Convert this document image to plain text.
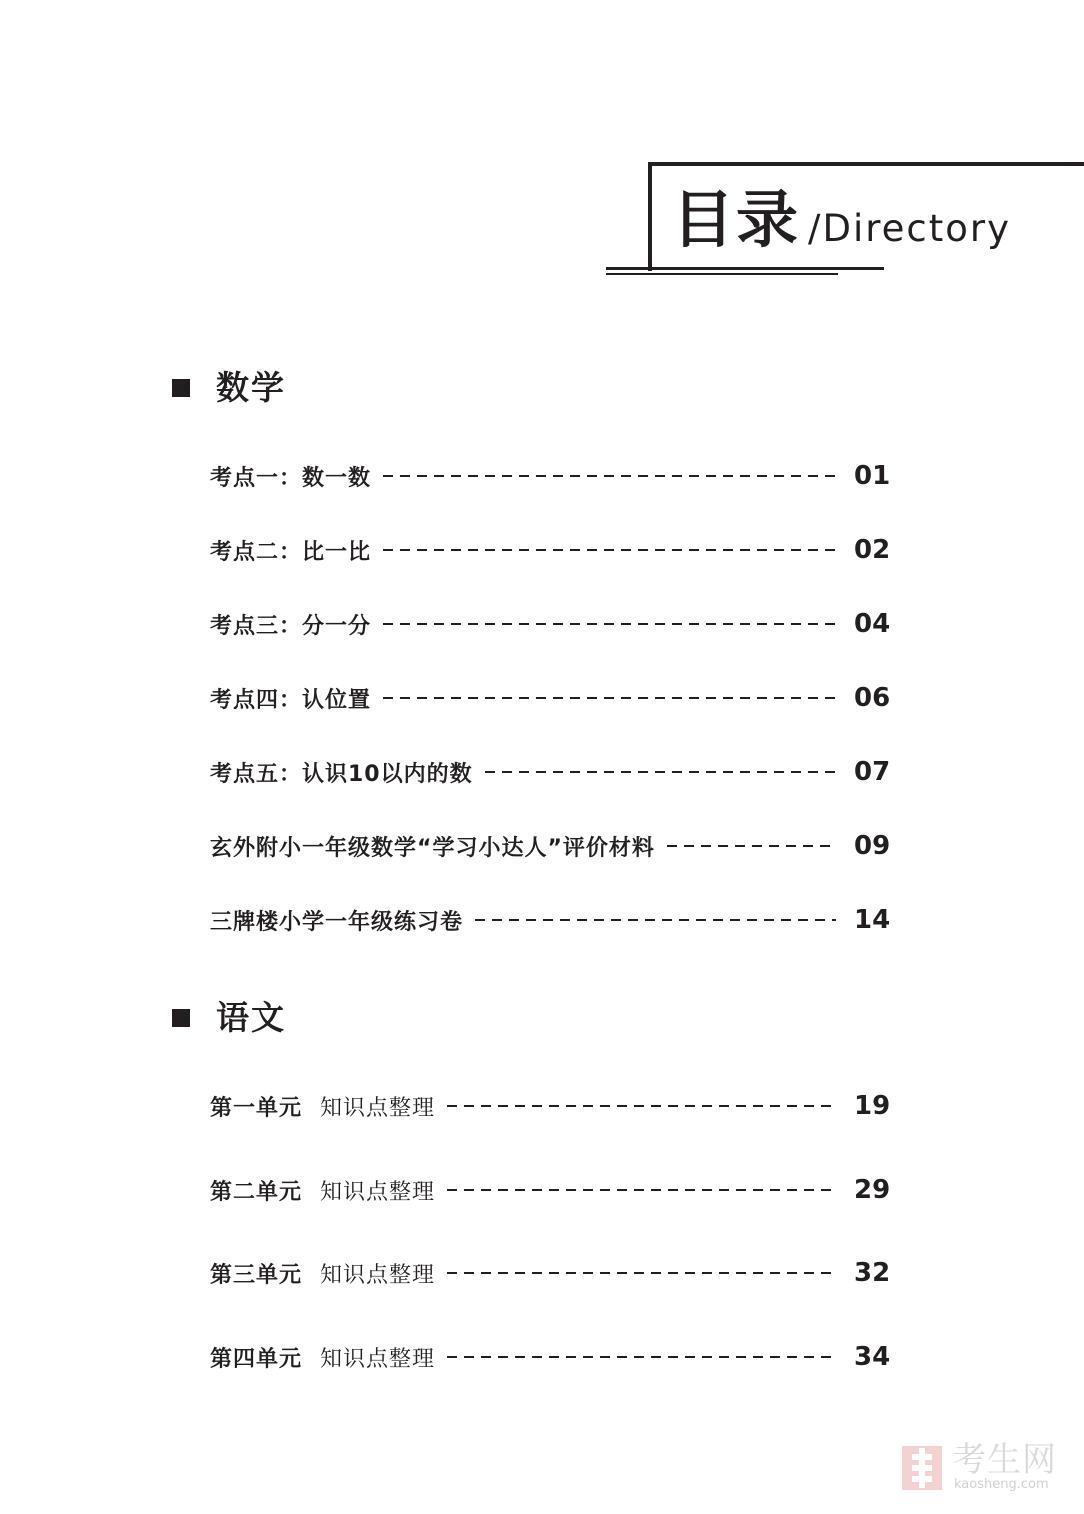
目录 /Directory
数学
考点一：数一数	01
考点二：比一比	02
考点三：分一分	04
考点四：认位置	06
考点五：认识10以内的数	07
玄外附小一年级数学“学习小达人”评价材料	09
三牌楼小学一年级练习卷	14
语文
第一单元 知识点整理	19
第二单元 知识点整理	29
第三单元 知识点整理	32
第四单元 知识点整理	34
考生网
kaosheng.com
